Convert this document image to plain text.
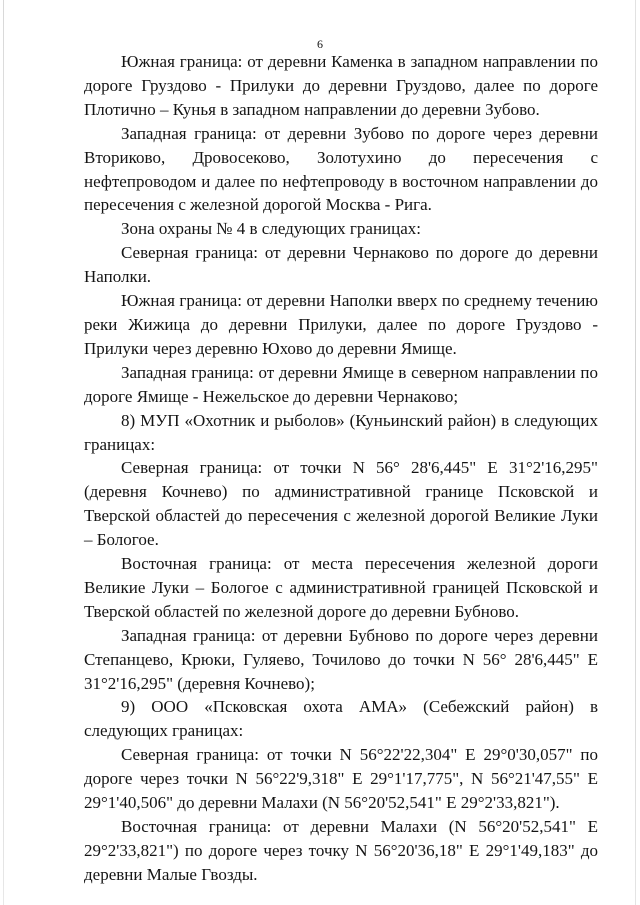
6

Южная граница: от деревни Каменка в западном направлении по дороге Груздово - Прилуки до деревни Груздово, далее по дороге Плотично – Кунья в западном направлении до деревни Зубово.

Западная граница: от деревни Зубово по дороге через деревни Вториково, Дровосеково, Золотухино до пересечения с нефтепроводом и далее по нефтепроводу в восточном направлении до пересечения с железной дорогой Москва - Рига.

Зона охраны № 4 в следующих границах:

Северная граница: от деревни Чернаково по дороге до деревни Наполки.

Южная граница: от деревни Наполки вверх по среднему течению реки Жижица до деревни Прилуки, далее по дороге Груздово - Прилуки через деревню Юхово до деревни Ямище.

Западная граница: от деревни Ямище в северном направлении по дороге Ямище - Нежельское до деревни Чернаково;

8) МУП «Охотник и рыболов» (Куньинский район) в следующих границах:

Северная граница: от точки N 56° 28'6,445" E 31°2'16,295" (деревня Кочнево) по административной границе Псковской и Тверской областей до пересечения с железной дорогой Великие Луки – Бологое.

Восточная граница: от места пересечения железной дороги Великие Луки – Бологое с административной границей Псковской и Тверской областей по железной дороге до деревни Бубново.

Западная граница: от деревни Бубново по дороге через деревни Степанцево, Крюки, Гуляево, Точилово до точки N 56° 28'6,445" E 31°2'16,295" (деревня Кочнево);

9) ООО «Псковская охота АМА» (Себежский район) в следующих границах:

Северная граница: от точки N 56°22'22,304" E 29°0'30,057" по дороге через точки N 56°22'9,318" E 29°1'17,775", N 56°21'47,55" E 29°1'40,506" до деревни Малахи (N 56°20'52,541" E 29°2'33,821").

Восточная граница: от деревни Малахи (N 56°20'52,541" E 29°2'33,821") по дороге через точку N 56°20'36,18" E 29°1'49,183" до деревни Малые Гвозды.
